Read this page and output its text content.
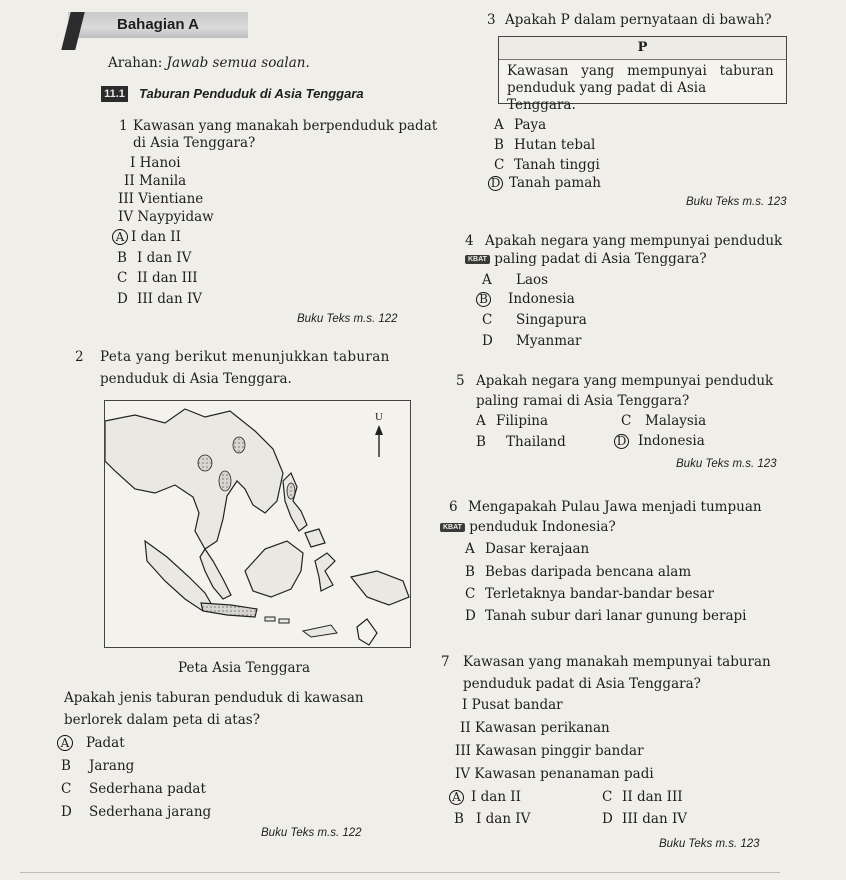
Bahagian A
Arahan: Jawab semua soalan.
11.1 Taburan Penduduk di Asia Tenggara
1 Kawasan yang manakah berpenduduk padat
di Asia Tenggara?
I Hanoi
II Manila
III Vientiane
IV Naypyidaw
A I dan II
B I dan IV
C II dan III
D III dan IV
Buku Teks m.s. 122
2 Peta yang berikut menunjukkan taburan
penduduk di Asia Tenggara.
U
Peta Asia Tenggara
Apakah jenis taburan penduduk di kawasan
berlorek dalam peta di atas?
A Padat
B Jarang
C Sederhana padat
D Sederhana jarang
Buku Teks m.s. 122
3 Apakah P dalam pernyataan di bawah?
P
Kawasan   yang   mempunyai   taburan
penduduk yang padat di Asia Tenggara.
A Paya
B Hutan tebal
C Tanah tinggi
D Tanah pamah
Buku Teks m.s. 123
4 Apakah negara yang mempunyai penduduk
KBAT paling padat di Asia Tenggara?
A Laos
B Indonesia
C Singapura
D Myanmar
5 Apakah negara yang mempunyai penduduk
paling ramai di Asia Tenggara?
A Filipina
B Thailand
C Malaysia
D Indonesia
Buku Teks m.s. 123
6 Mengapakah Pulau Jawa menjadi tumpuan
KBAT penduduk Indonesia?
A Dasar kerajaan
B Bebas daripada bencana alam
C Terletaknya bandar-bandar besar
D Tanah subur dari lanar gunung berapi
7 Kawasan yang manakah mempunyai taburan
penduduk padat di Asia Tenggara?
I Pusat bandar
II Kawasan perikanan
III Kawasan pinggir bandar
IV Kawasan penanaman padi
A I dan II
B I dan IV
C II dan III
D III dan IV
Buku Teks m.s. 123
